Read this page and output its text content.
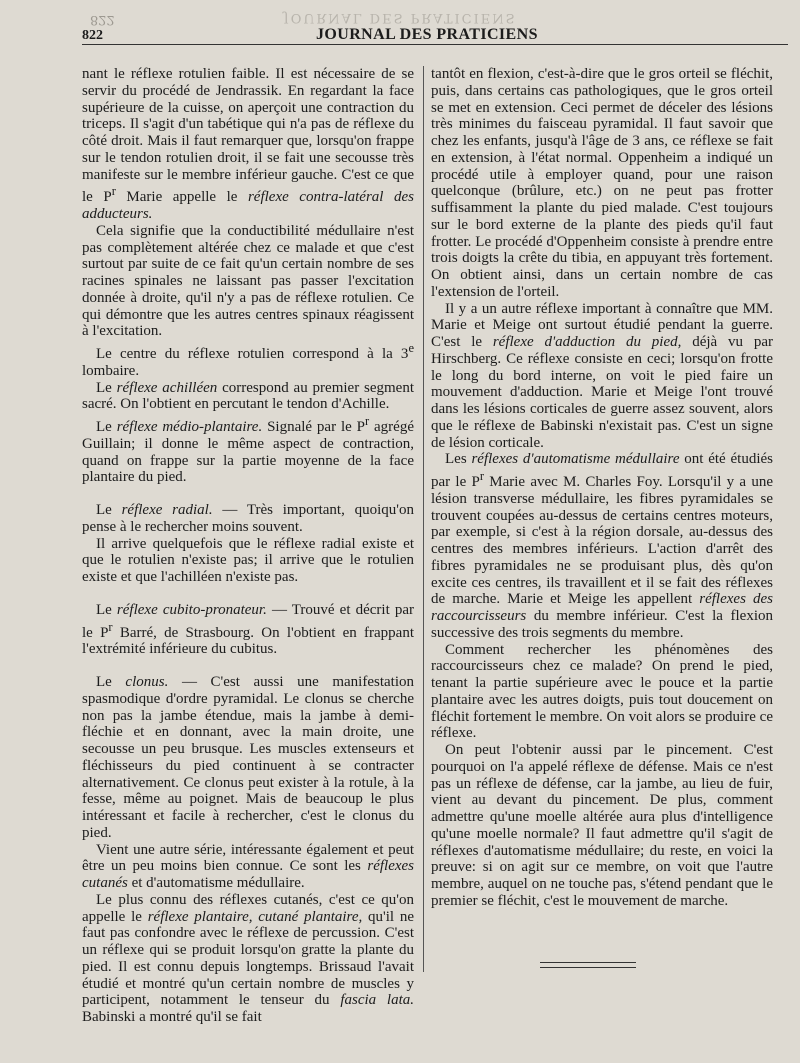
JOURNAL DES PRATICIENS
822
822	JOURNAL DES PRATICIENS

nant le réflexe rotulien faible. Il est nécessaire de se servir du procédé de Jendrassik. En regardant la face supérieure de la cuisse, on aperçoit une contraction du triceps. Il s'agit d'un tabétique qui n'a pas de réflexe du côté droit. Mais il faut remarquer que, lorsqu'on frappe sur le tendon rotulien droit, il se fait une secousse très manifeste sur le membre inférieur gauche. C'est ce que le $P^r$ Marie appelle le réflexe contra-latéral des adducteurs.

Cela signifie que la conductibilité médullaire n'est pas complètement altérée chez ce malade et que c'est surtout par suite de ce fait qu'un certain nombre de ses racines spinales ne laissant pas passer l'excitation donnée à droite, qu'il n'y a pas de réflexe rotulien. Ce qui démontre que les autres centres spinaux réagissent à l'excitation.

Le centre du réflexe rotulien correspond à la 3e lombaire.

Le réflexe achilléen correspond au premier segment sacré. On l'obtient en percutant le tendon d'Achille.

Le réflexe médio-plantaire. Signalé par le $P^r$ agrégé Guillain; il donne le même aspect de contraction, quand on frappe sur la partie moyenne de la face plantaire du pied.

Le réflexe radial. — Très important, quoiqu'on pense à le rechercher moins souvent.

Il arrive quelquefois que le réflexe radial existe et que le rotulien n'existe pas; il arrive que le rotulien existe et que l'achilléen n'existe pas.

Le réflexe cubito-pronateur. — Trouvé et décrit par le $P^r$ Barré, de Strasbourg. On l'obtient en frappant l'extrémité inférieure du cubitus.

Le clonus. — C'est aussi une manifestation spasmodique d'ordre pyramidal. Le clonus se cherche non pas la jambe étendue, mais la jambe à demi-fléchie et en donnant, avec la main droite, une secousse un peu brusque. Les muscles extenseurs et fléchisseurs du pied continuent à se contracter alternativement. Ce clonus peut exister à la rotule, à la fesse, même au poignet. Mais de beaucoup le plus intéressant et facile à rechercher, c'est le clonus du pied.

Vient une autre série, intéressante également et peut être un peu moins bien connue. Ce sont les réflexes cutanés et d'automatisme médullaire.

Le plus connu des réflexes cutanés, c'est ce qu'on appelle le réflexe plantaire, cutané plantaire, qu'il ne faut pas confondre avec le réflexe de percussion. C'est un réflexe qui se produit lorsqu'on gratte la plante du pied. Il est connu depuis longtemps. Brissaud l'avait étudié et montré qu'un certain nombre de muscles y participent, notamment le tenseur du fascia lata. Babinski a montré qu'il se fait

tantôt en flexion, c'est-à-dire que le gros orteil se fléchit, puis, dans certains cas pathologiques, que le gros orteil se met en extension. Ceci permet de déceler des lésions très minimes du faisceau pyramidal. Il faut savoir que chez les enfants, jusqu'à l'âge de 3 ans, ce réflexe se fait en extension, à l'état normal. Oppenheim a indiqué un procédé utile à employer quand, pour une raison quelconque (brûlure, etc.) on ne peut pas frotter suffisamment la plante du pied malade. C'est toujours sur le bord externe de la plante des pieds qu'il faut frotter. Le procédé d'Oppenheim consiste à prendre entre trois doigts la crête du tibia, en appuyant très fortement. On obtient ainsi, dans un certain nombre de cas l'extension de l'orteil.

Il y a un autre réflexe important à connaître que MM. Marie et Meige ont surtout étudié pendant la guerre. C'est le réflexe d'adduction du pied, déjà vu par Hirschberg. Ce réflexe consiste en ceci; lorsqu'on frotte le long du bord interne, on voit le pied faire un mouvement d'adduction. Marie et Meige l'ont trouvé dans les lésions corticales de guerre assez souvent, alors que le réflexe de Babinski n'existait pas. C'est un signe de lésion corticale.

Les réflexes d'automatisme médullaire ont été étudiés par le $P^r$ Marie avec M. Charles Foy. Lorsqu'il y a une lésion transverse médullaire, les fibres pyramidales se trouvent coupées au-dessus de certains centres moteurs, par exemple, si c'est à la région dorsale, au-dessus des centres des membres inférieurs. L'action d'arrêt des fibres pyramidales ne se produisant plus, dès qu'on excite ces centres, ils travaillent et il se fait des réflexes de marche. Marie et Meige les appellent réflexes des raccourcisseurs du membre inférieur. C'est la flexion successive des trois segments du membre.

Comment rechercher les phénomènes des raccourcisseurs chez ce malade? On prend le pied, tenant la partie supérieure avec le pouce et la partie plantaire avec les autres doigts, puis tout doucement on fléchit fortement le membre. On voit alors se produire ce réflexe.

On peut l'obtenir aussi par le pincement. C'est pourquoi on l'a appelé réflexe de défense. Mais ce n'est pas un réflexe de défense, car la jambe, au lieu de fuir, vient au devant du pincement. De plus, comment admettre qu'une moelle altérée aura plus d'intelligence qu'une moelle normale? Il faut admettre qu'il s'agit de réflexes d'automatisme médullaire; du reste, en voici la preuve: si on agit sur ce membre, on voit que l'autre membre, auquel on ne touche pas, s'étend pendant que le premier se fléchit, c'est le mouvement de marche.
